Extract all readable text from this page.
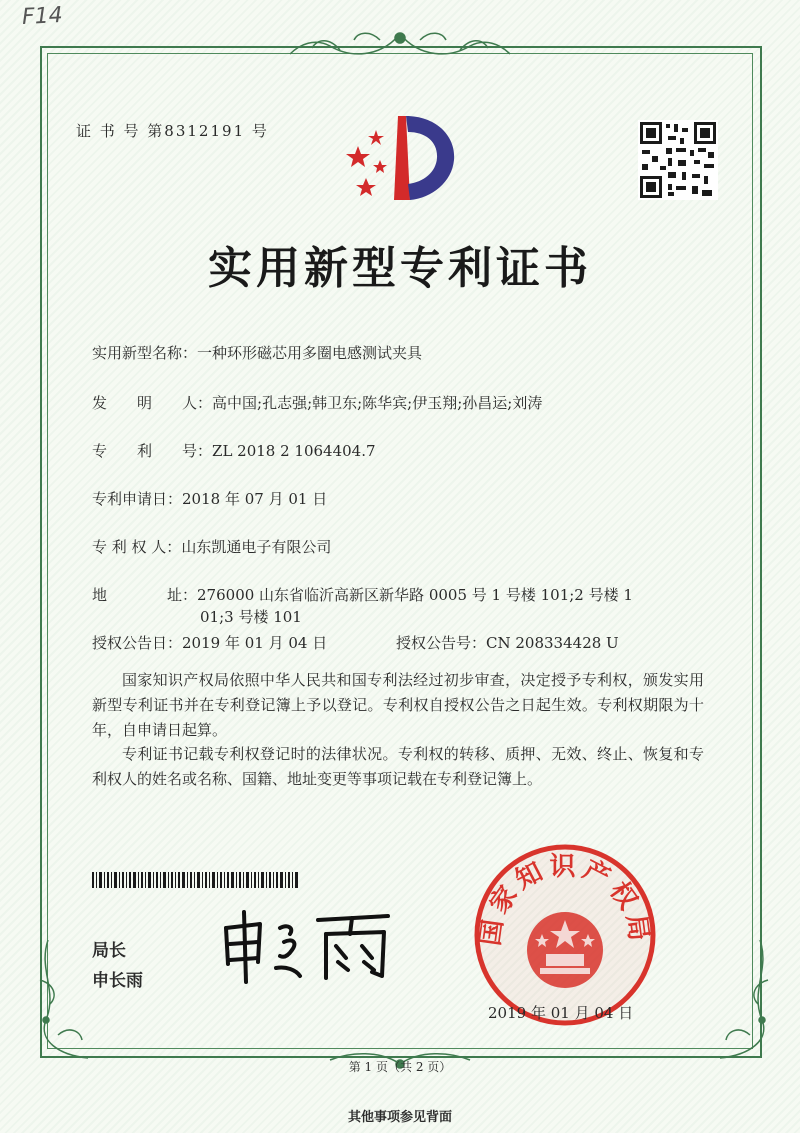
F14
证 书 号 第8312191 号
实用新型专利证书
实用新型名称：一种环形磁芯用多圈电感测试夹具
发　　明　　人：高中国;孔志强;韩卫东;陈华宾;伊玉翔;孙昌运;刘涛
专　　利　　号：ZL 2018 2 1064404.7
专利申请日：2018 年 07 月 01 日
专 利 权 人：山东凯通电子有限公司
地　　　　址：276000 山东省临沂高新区新华路 0005 号 1 号楼 101;2 号楼 1
01;3 号楼 101
授权公告日：2019 年 01 月 04 日	授权公告号：CN 208334428 U
国家知识产权局依照中华人民共和国专利法经过初步审查，决定授予专利权，颁发实用新型专利证书并在专利登记簿上予以登记。专利权自授权公告之日起生效。专利权期限为十年，自申请日起算。
专利证书记载专利权登记时的法律状况。专利权的转移、质押、无效、终止、恢复和专利权人的姓名或名称、国籍、地址变更等事项记载在专利登记簿上。
局长
申长雨
国家知识产权局
2019 年 01 月 04 日
第 1 页（共 2 页）
其他事项参见背面
